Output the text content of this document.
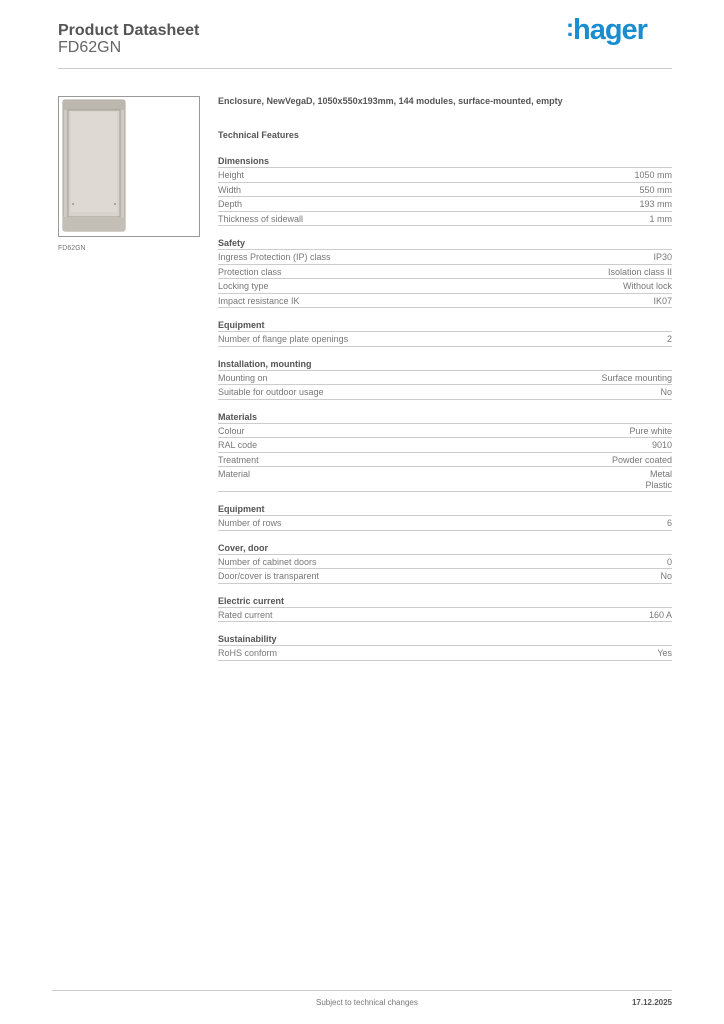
Product Datasheet
FD62GN
:hager
FD62GN
Enclosure, NewVegaD, 1050x550x193mm, 144 modules, surface-mounted, empty
Technical Features
Dimensions
Height	1050 mm
Width	550 mm
Depth	193 mm
Thickness of sidewall	1 mm
Safety
Ingress Protection (IP) class	IP30
Protection class	Isolation class II
Locking type	Without lock
Impact resistance IK	IK07
Equipment
Number of flange plate openings	2
Installation, mounting
Mounting on	Surface mounting
Suitable for outdoor usage	No
Materials
Colour	Pure white
RAL code	9010
Treatment	Powder coated
Material	Metal
Plastic
Equipment
Number of rows	6
Cover, door
Number of cabinet doors	0
Door/cover is transparent	No
Electric current
Rated current	160 A
Sustainability
RoHS conform	Yes
Subject to technical changes	17.12.2025
